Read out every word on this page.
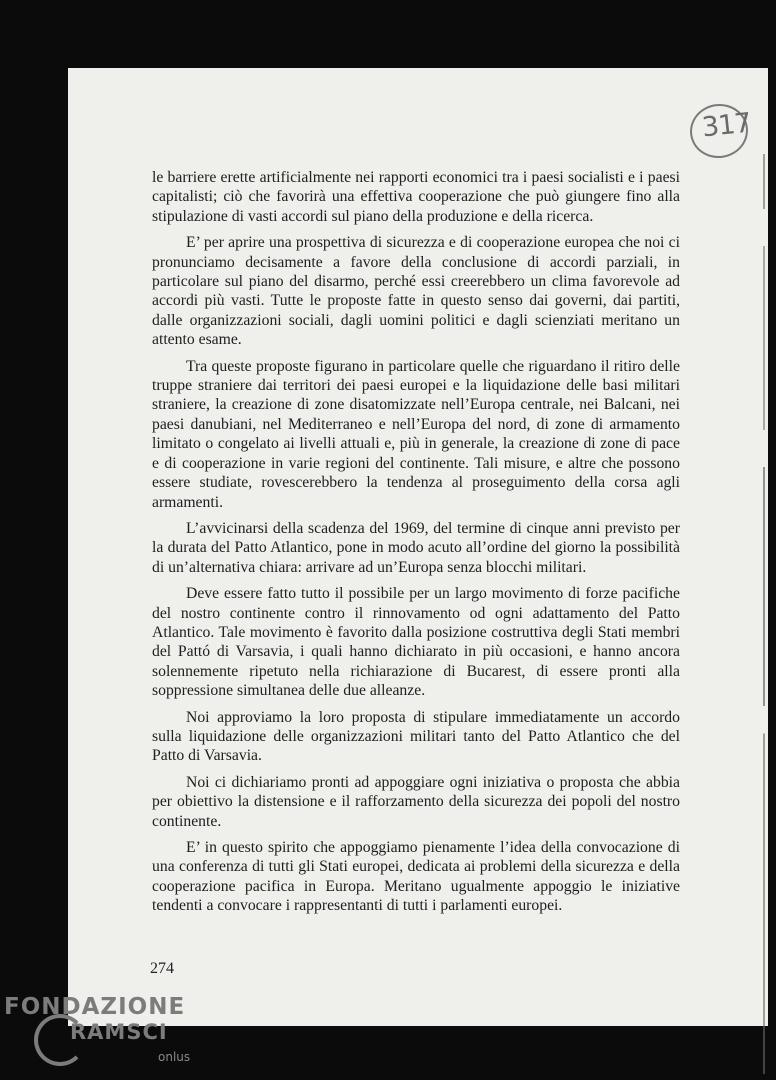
317

le barriere erette artificialmente nei rapporti economici tra i paesi socialisti e i paesi capitalisti; ciò che favorirà una effettiva cooperazione che può giungere fino alla stipulazione di vasti accordi sul piano della produzione e della ricerca.

E’ per aprire una prospettiva di sicurezza e di cooperazione europea che noi ci pronunciamo decisamente a favore della conclusione di accordi parziali, in particolare sul piano del disarmo, perché essi creerebbero un clima favorevole ad accordi più vasti. Tutte le proposte fatte in questo senso dai governi, dai partiti, dalle organizzazioni sociali, dagli uomini politici e dagli scienziati meritano un attento esame.

Tra queste proposte figurano in particolare quelle che riguardano il ritiro delle truppe straniere dai territori dei paesi europei e la liquidazione delle basi militari straniere, la creazione di zone disatomizzate nell’Europa centrale, nei Balcani, nei paesi danubiani, nel Mediterraneo e nell’Europa del nord, di zone di armamento limitato o congelato ai livelli attuali e, più in generale, la creazione di zone di pace e di cooperazione in varie regioni del continente. Tali misure, e altre che possono essere studiate, rovescerebbero la tendenza al proseguimento della corsa agli armamenti.

L’avvicinarsi della scadenza del 1969, del termine di cinque anni previsto per la durata del Patto Atlantico, pone in modo acuto all’ordine del giorno la possibilità di un’alternativa chiara: arrivare ad un’Europa senza blocchi militari.

Deve essere fatto tutto il possibile per un largo movimento di forze pacifiche del nostro continente contro il rinnovamento od ogni adattamento del Patto Atlantico. Tale movimento è favorito dalla posizione costruttiva degli Stati membri del Pattó di Varsavia, i quali hanno dichiarato in più occasioni, e hanno ancora solennemente ripetuto nella richiarazione di Bucarest, di essere pronti alla soppressione simultanea delle due alleanze.

Noi approviamo la loro proposta di stipulare immediatamente un accordo sulla liquidazione delle organizzazioni militari tanto del Patto Atlantico che del Patto di Varsavia.

Noi ci dichiariamo pronti ad appoggiare ogni iniziativa o proposta che abbia per obiettivo la distensione e il rafforzamento della sicurezza dei popoli del nostro continente.

E’ in questo spirito che appoggiamo pienamente l’idea della convocazione di una conferenza di tutti gli Stati europei, dedicata ai problemi della sicurezza e della cooperazione pacifica in Europa. Meritano ugualmente appoggio le iniziative tendenti a convocare i rappresentanti di tutti i parlamenti europei.

274
FONDAZIONE
RAMSCI
onlus
